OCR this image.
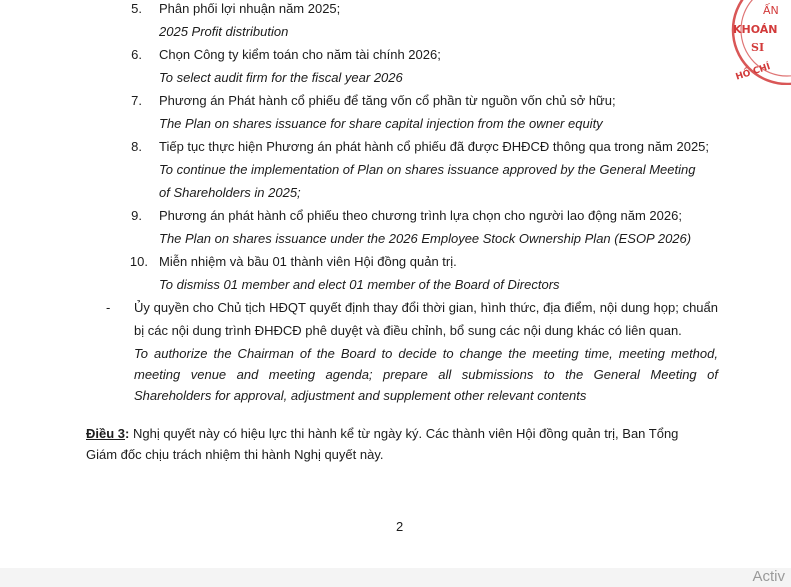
5. Phân phối lợi nhuận năm 2025;
2025 Profit distribution
6. Chọn Công ty kiểm toán cho năm tài chính 2026;
To select audit firm for the fiscal year 2026
7. Phương án Phát hành cổ phiếu để tăng vốn cổ phần từ nguồn vốn chủ sở hữu;
The Plan on shares issuance for share capital injection from the owner equity
8. Tiếp tục thực hiện Phương án phát hành cổ phiếu đã được ĐHĐCĐ thông qua trong năm 2025;
To continue the implementation of Plan on shares issuance approved by the General Meeting
of Shareholders in 2025;
9. Phương án phát hành cổ phiếu theo chương trình lựa chọn cho người lao động năm 2026;
The Plan on shares issuance under the 2026 Employee Stock Ownership Plan (ESOP 2026)
10. Miễn nhiệm và bầu 01 thành viên Hội đồng quản trị.
To dismiss 01 member and elect 01 member of the Board of Directors
- Ủy quyền cho Chủ tịch HĐQT quyết định thay đổi thời gian, hình thức, địa điểm, nội dung họp; chuẩn
bị các nội dung trình ĐHĐCĐ phê duyệt và điều chỉnh, bổ sung các nội dung khác có liên quan.
To authorize the Chairman of the Board to decide to change the meeting time, meeting method,
meeting venue and meeting agenda; prepare all submissions to the General Meeting of
Shareholders for approval, adjustment and supplement other relevant contents
Điều 3: Nghị quyết này có hiệu lực thi hành kể từ ngày ký. Các thành viên Hội đồng quản trị, Ban Tổng
Giám đốc chịu trách nhiệm thi hành Nghị quyết này.
2
ẤN
KHOÁN
SI
HỒ CHÍ
Activ
